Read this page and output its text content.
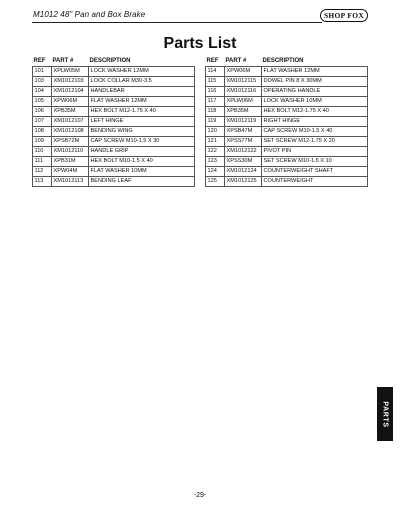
M1012 48" Pan and Box Brake	SHOP FOX
Parts List
REF	PART #	DESCRIPTION
101	XPLW05M	LOCK WASHER 12MM
103	XM1012103	LOCK COLLAR M30-3.5
104	XM1012104	HANDLEBAR
105	XPW06M	FLAT WASHER 12MM
106	XPB35M	HEX BOLT M12-1.75 X 40
107	XM1012107	LEFT HINGE
108	XM1012108	BENDING WING
109	XPSB72M	CAP SCREW M10-1.5 X 30
110	XM1012110	HANDLE GRIP
111	XPB31M	HEX BOLT M10-1.5 X 40
112	XPW04M	FLAT WASHER 10MM
113	XM1012113	BENDING LEAF
REF	PART #	DESCRIPTION
114	XPW06M	FLAT WASHER 12MM
115	XM1012115	DOWEL PIN 8 X 30MM
116	XM1012116	OPERATING HANDLE
117	XPLW06M	LOCK WASHER 10MM
118	XPB35M	HEX BOLT M12-1.75 X 40
119	XM1012119	RIGHT HINGE
120	XPSB47M	CAP SCREW M10-1.5 X 40
121	XPSS77M	SET SCREW M12-1.75 X 20
122	XM1012122	PIVOT PIN
123	XPSS30M	SET SCREW M10-1.5 X 10
124	XM1012124	COUNTERWEIGHT SHAFT
125	XM1012125	COUNTERWEIGHT
PARTS
-29-
